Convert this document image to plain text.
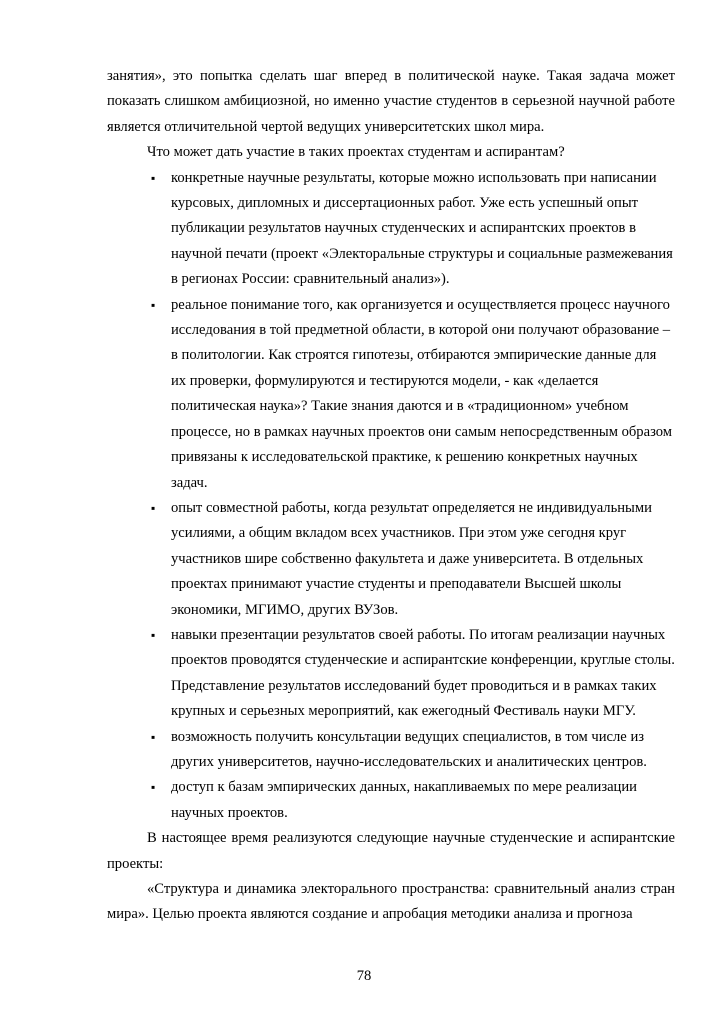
занятия», это попытка сделать шаг вперед в политической науке. Такая задача может показать слишком амбициозной, но именно участие студентов в серьезной научной работе является отличительной чертой ведущих университетских школ мира.

Что может дать участие в таких проектах студентам и аспирантам?

▪ конкретные научные результаты, которые можно использовать при написании курсовых, дипломных и диссертационных работ. Уже есть успешный опыт публикации результатов научных студенческих и аспирантских проектов в научной печати (проект «Электоральные структуры и социальные размежевания в регионах России: сравнительный анализ»).
▪ реальное понимание того, как организуется и осуществляется процесс научного исследования в той предметной области, в которой они получают образование – в политологии. Как строятся гипотезы, отбираются эмпирические данные для их проверки, формулируются и тестируются модели, - как «делается политическая наука»? Такие знания даются и в «традиционном» учебном процессе, но в рамках научных проектов они самым непосредственным образом привязаны к исследовательской практике, к решению конкретных научных задач.
▪ опыт совместной работы, когда результат определяется не индивидуальными усилиями, а общим вкладом всех участников. При этом уже сегодня круг участников шире собственно факультета и даже университета. В отдельных проектах принимают участие студенты и преподаватели Высшей школы экономики, МГИМО, других ВУЗов.
▪ навыки презентации результатов своей работы. По итогам реализации научных проектов проводятся студенческие и аспирантские конференции, круглые столы. Представление результатов исследований будет проводиться и в рамках таких крупных и серьезных мероприятий, как ежегодный Фестиваль науки МГУ.
▪ возможность получить консультации ведущих специалистов, в том числе из других университетов, научно-исследовательских и аналитических центров.
▪ доступ к базам эмпирических данных, накапливаемых по мере реализации научных проектов.

В настоящее время реализуются следующие научные студенческие и аспирантские проекты:

«Структура и динамика электорального пространства: сравнительный анализ стран мира». Целью проекта являются создание и апробация методики анализа и прогноза

78
